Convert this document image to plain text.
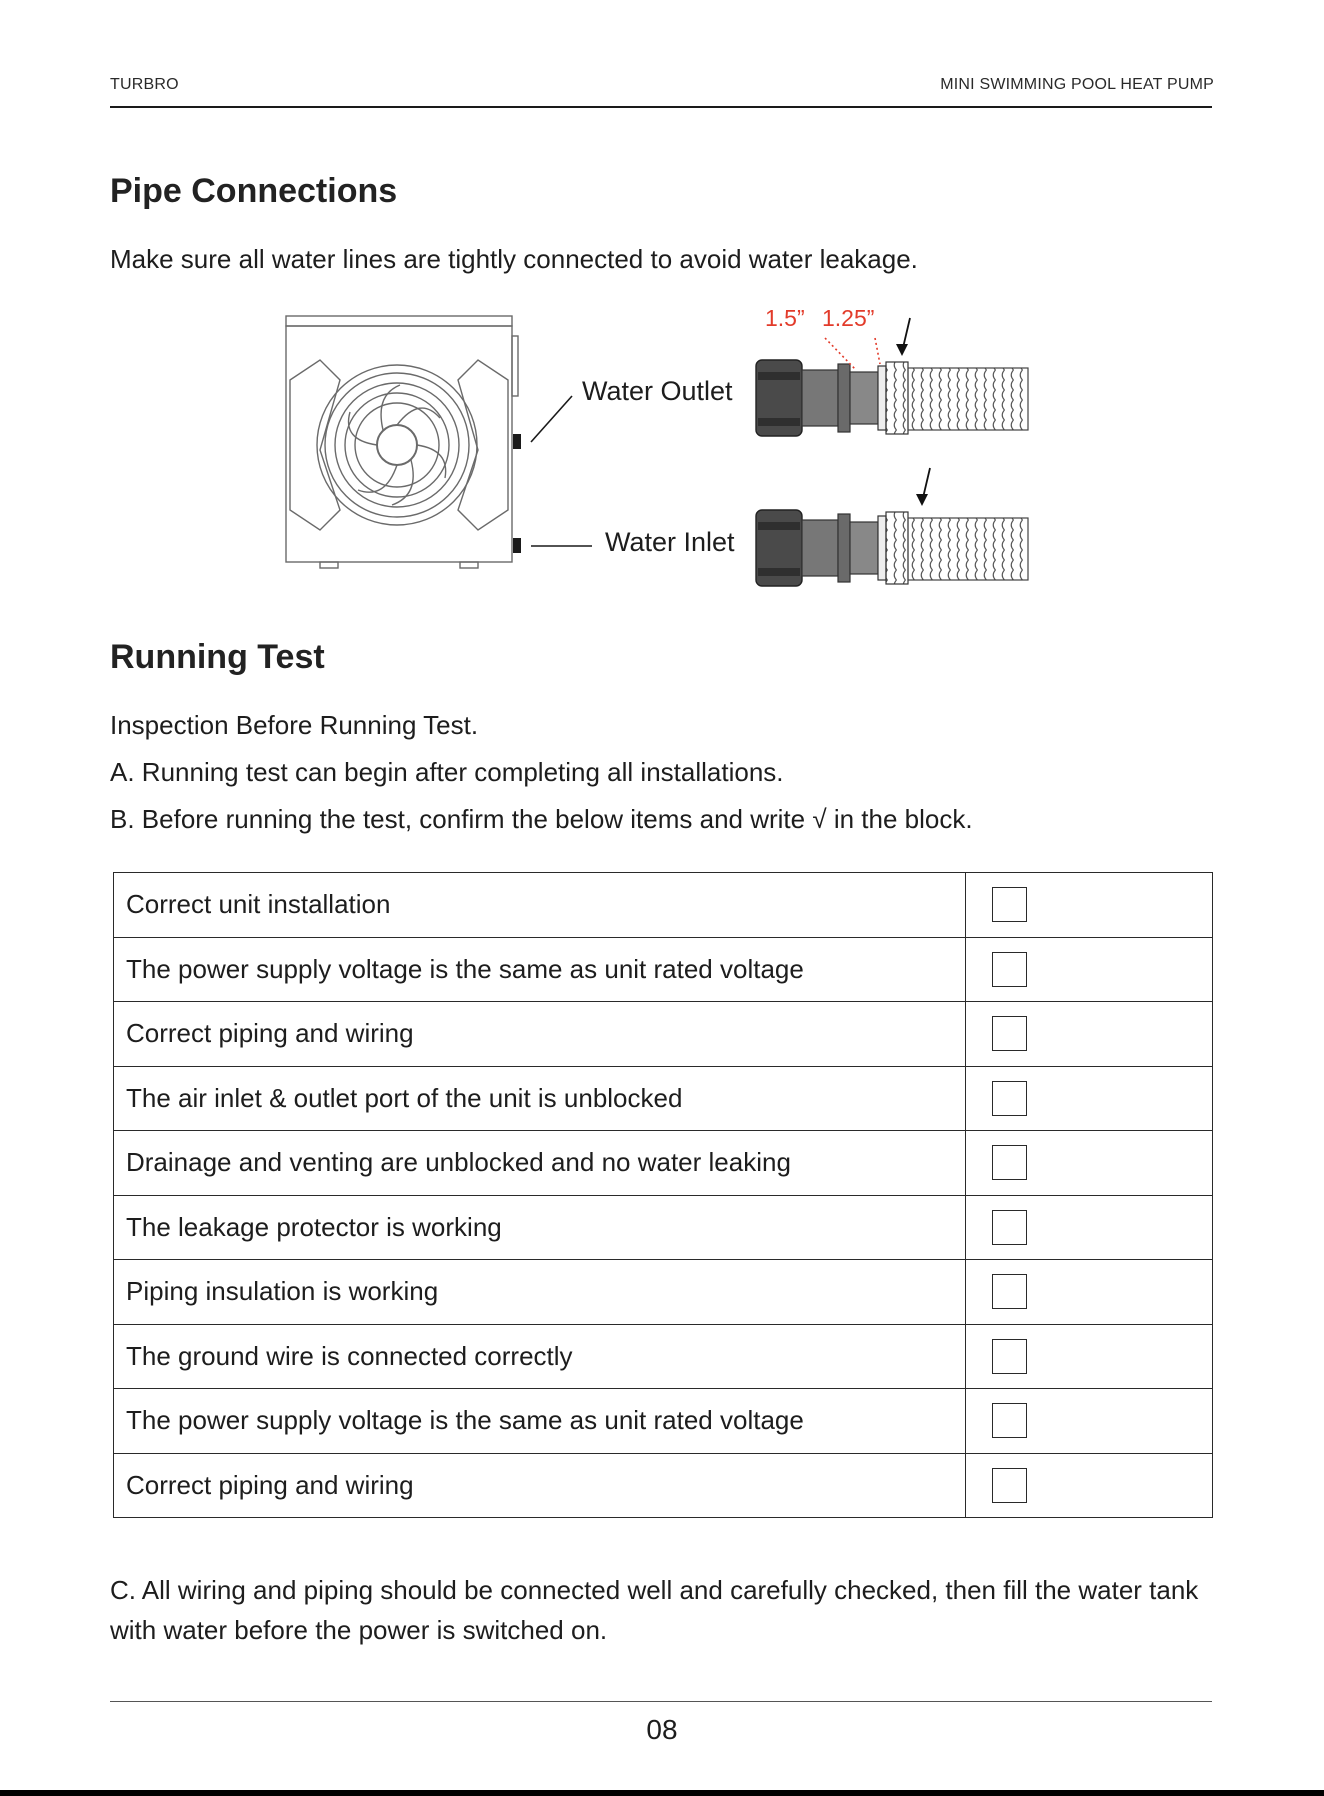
TURBRO	MINI SWIMMING POOL HEAT PUMP
Pipe Connections

Make sure all water lines are tightly connected to avoid water leakage.

Water Outlet
Water Inlet
1.5” 1.25”
Running Test

Inspection Before Running Test.

A. Running test can begin after completing all installations.

B. Before running the test, confirm the below items and write √ in the block.

Correct unit installation	

The power supply voltage is the same as unit rated voltage	

Correct piping and wiring	

The air inlet & outlet port of the unit is unblocked	

Drainage and venting are unblocked and no water leaking	

The leakage protector is working	

Piping insulation is working	

The ground wire is connected correctly	

The power supply voltage is the same as unit rated voltage	

Correct piping and wiring	

C. All wiring and piping should be connected well and carefully checked, then fill the water tank with water before the power is switched on.

08
